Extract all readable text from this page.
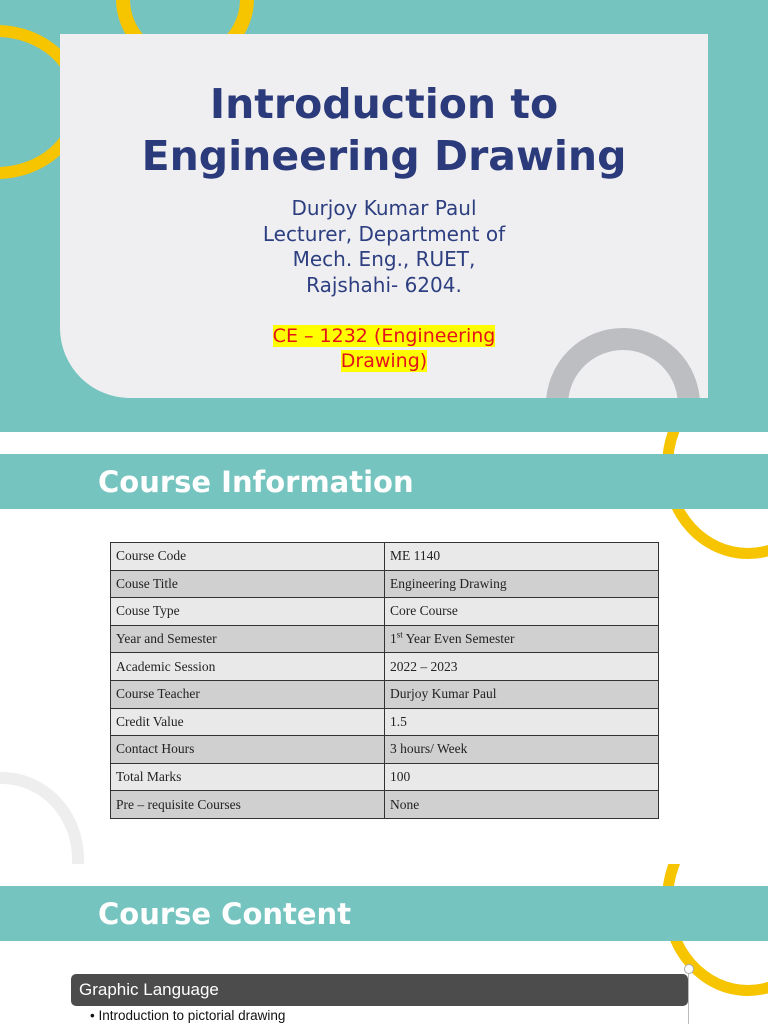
Introduction to
Engineering Drawing
Durjoy Kumar Paul
Lecturer, Department of
Mech. Eng., RUET,
Rajshahi- 6204.
CE – 1232 (Engineering
Drawing)
Course Information
Course Code	ME 1140
Couse Title	Engineering Drawing
Couse Type	Core Course
Year and Semester	1st Year Even Semester
Academic Session	2022 – 2023
Course Teacher	Durjoy Kumar Paul
Credit Value	1.5
Contact Hours	3 hours/ Week
Total Marks	100
Pre – requisite Courses	None
Course Content
Graphic Language
• Introduction to pictorial drawing
